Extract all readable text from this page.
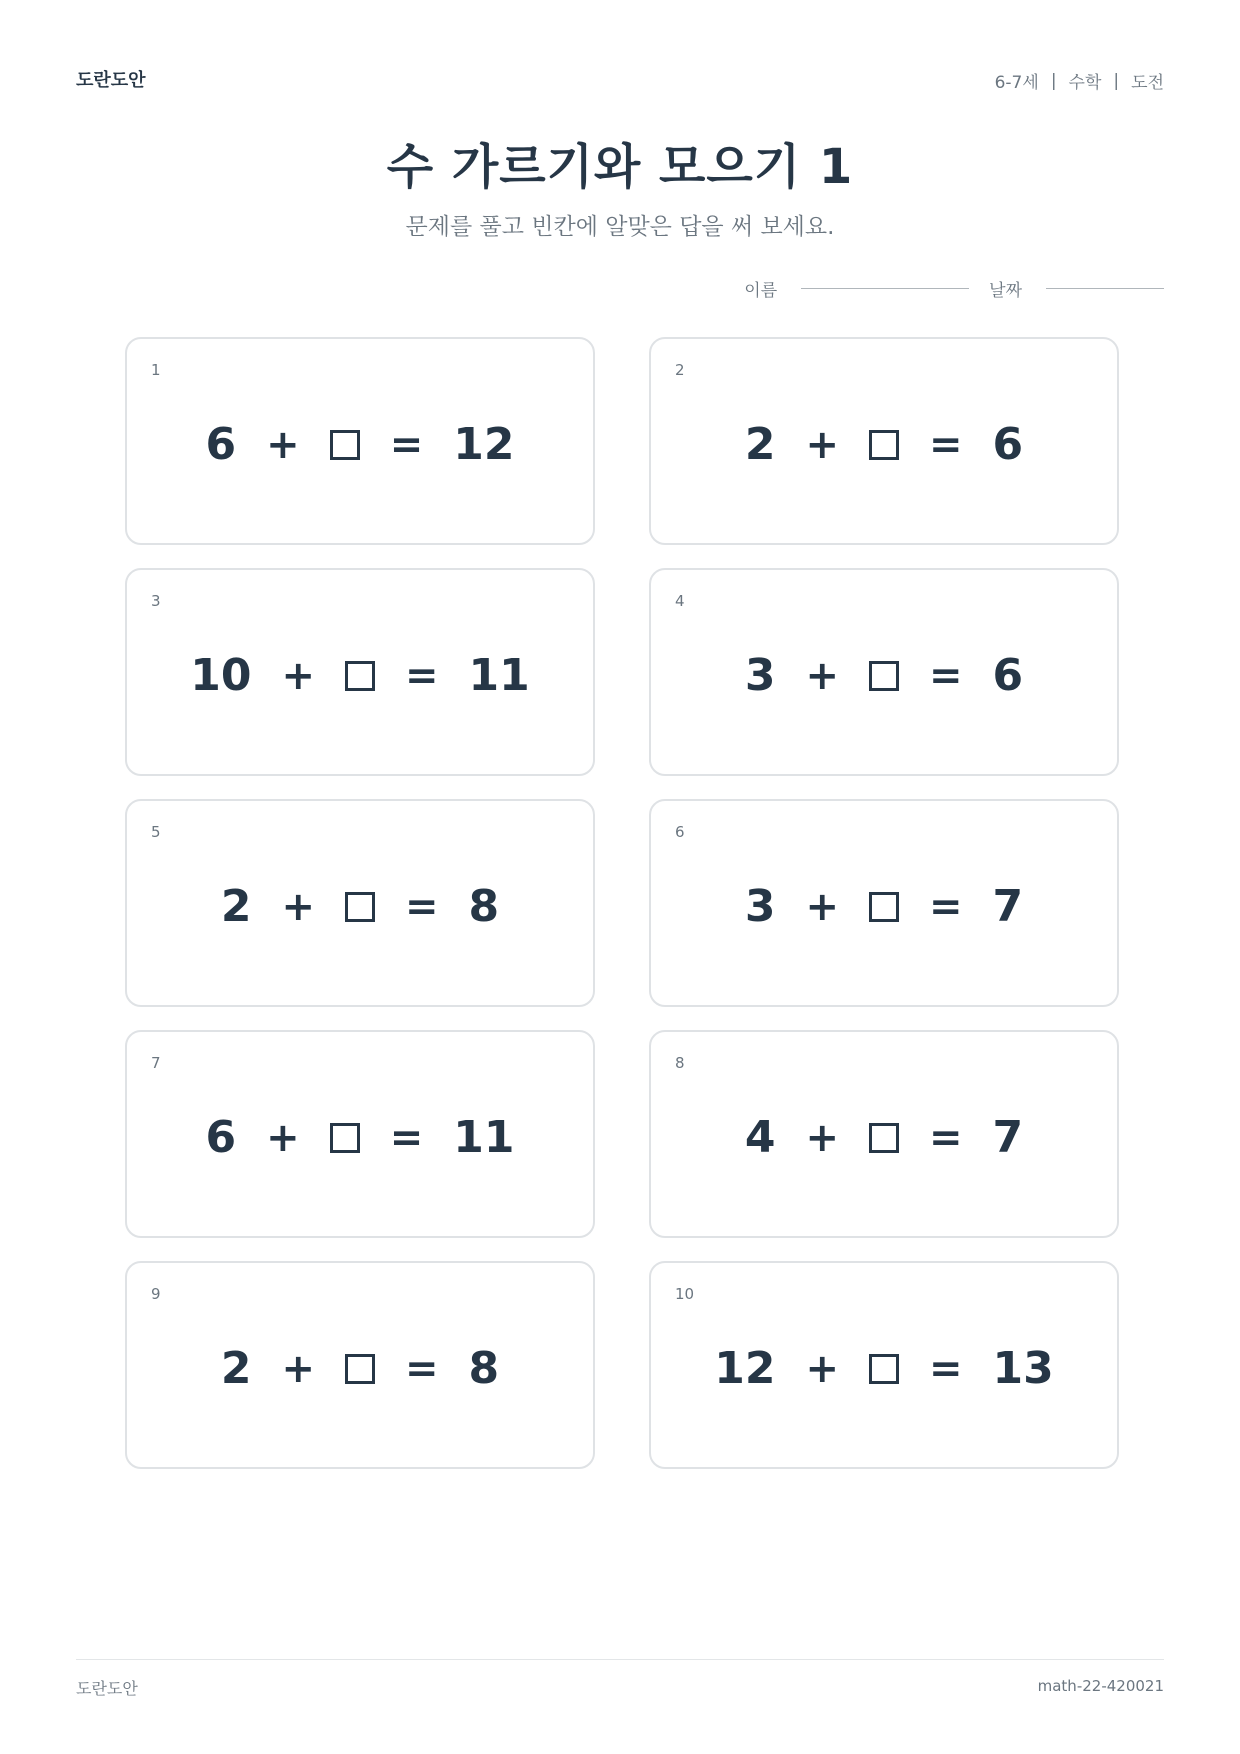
도란도안	6-7세 | 수학 | 도전
수 가르기와 모으기 1
문제를 풀고 빈칸에 알맞은 답을 써 보세요.
이름	날짜
1
6 + = 12
2
2 + = 6
3
10 + = 11
4
3 + = 6
5
2 + = 8
6
3 + = 7
7
6 + = 11
8
4 + = 7
9
2 + = 8
10
12 + = 13
도란도안	math-22-420021
